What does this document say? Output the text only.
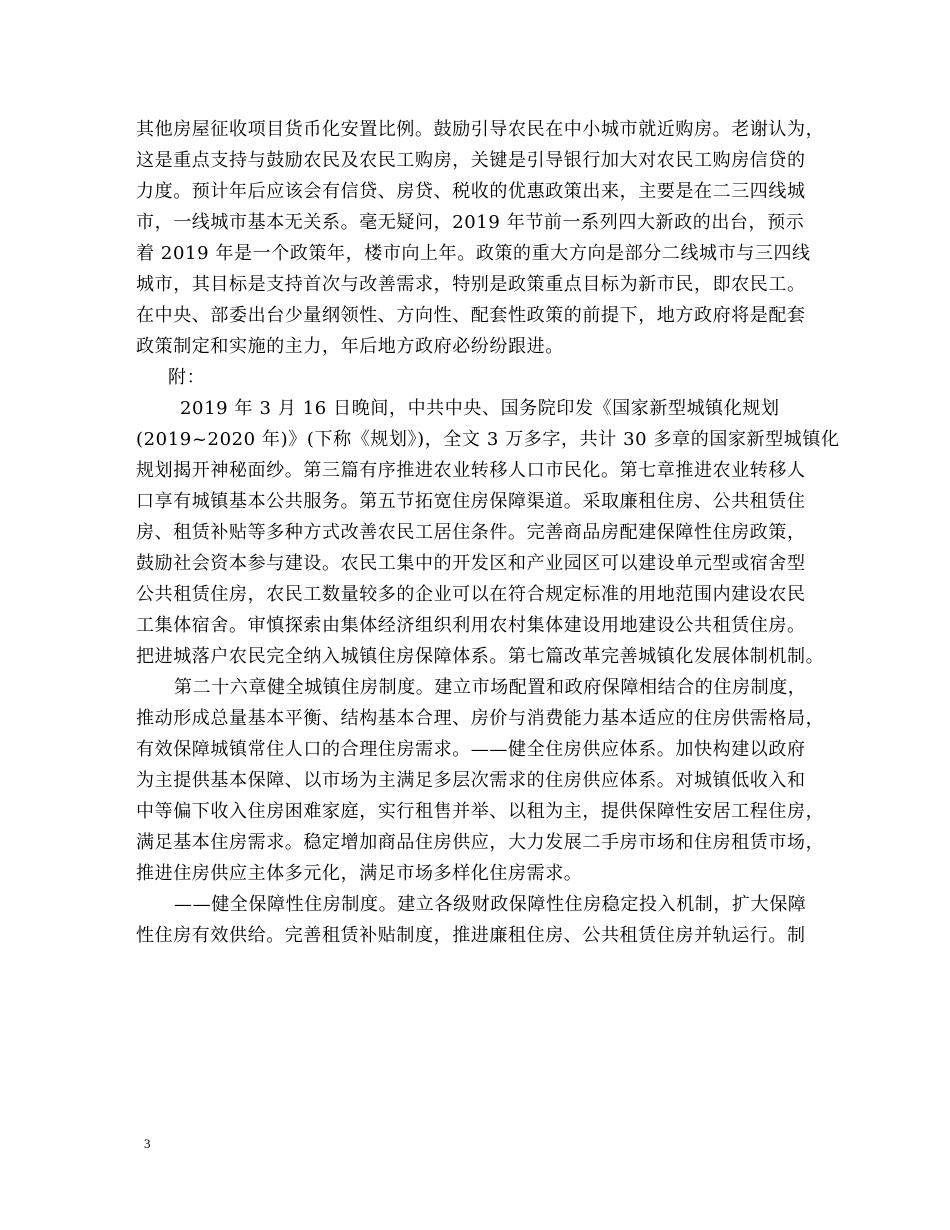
其他房屋征收项目货币化安置比例。鼓励引导农民在中小城市就近购房。老谢认为，
这是重点支持与鼓励农民及农民工购房，关键是引导银行加大对农民工购房信贷的
力度。预计年后应该会有信贷、房贷、税收的优惠政策出来，主要是在二三四线城
市，一线城市基本无关系。毫无疑问，2019 年节前一系列四大新政的出台，预示
着 2019 年是一个政策年，楼市向上年。政策的重大方向是部分二线城市与三四线
城市，其目标是支持首次与改善需求，特别是政策重点目标为新市民，即农民工。
在中央、部委出台少量纲领性、方向性、配套性政策的前提下，地方政府将是配套
政策制定和实施的主力，年后地方政府必纷纷跟进。

附：

2019 年 3 月 16 日晚间，中共中央、国务院印发《国家新型城镇化规划
(2019~2020 年)》(下称《规划》)，全文 3 万多字，共计 30 多章的国家新型城镇化
规划揭开神秘面纱。第三篇有序推进农业转移人口市民化。第七章推进农业转移人
口享有城镇基本公共服务。第五节拓宽住房保障渠道。采取廉租住房、公共租赁住
房、租赁补贴等多种方式改善农民工居住条件。完善商品房配建保障性住房政策，
鼓励社会资本参与建设。农民工集中的开发区和产业园区可以建设单元型或宿舍型
公共租赁住房，农民工数量较多的企业可以在符合规定标准的用地范围内建设农民
工集体宿舍。审慎探索由集体经济组织利用农村集体建设用地建设公共租赁住房。
把进城落户农民完全纳入城镇住房保障体系。第七篇改革完善城镇化发展体制机制。

第二十六章健全城镇住房制度。建立市场配置和政府保障相结合的住房制度，
推动形成总量基本平衡、结构基本合理、房价与消费能力基本适应的住房供需格局，
有效保障城镇常住人口的合理住房需求。——健全住房供应体系。加快构建以政府
为主提供基本保障、以市场为主满足多层次需求的住房供应体系。对城镇低收入和
中等偏下收入住房困难家庭，实行租售并举、以租为主，提供保障性安居工程住房，
满足基本住房需求。稳定增加商品住房供应，大力发展二手房市场和住房租赁市场，
推进住房供应主体多元化，满足市场多样化住房需求。

——健全保障性住房制度。建立各级财政保障性住房稳定投入机制，扩大保障
性住房有效供给。完善租赁补贴制度，推进廉租住房、公共租赁住房并轨运行。制

3
